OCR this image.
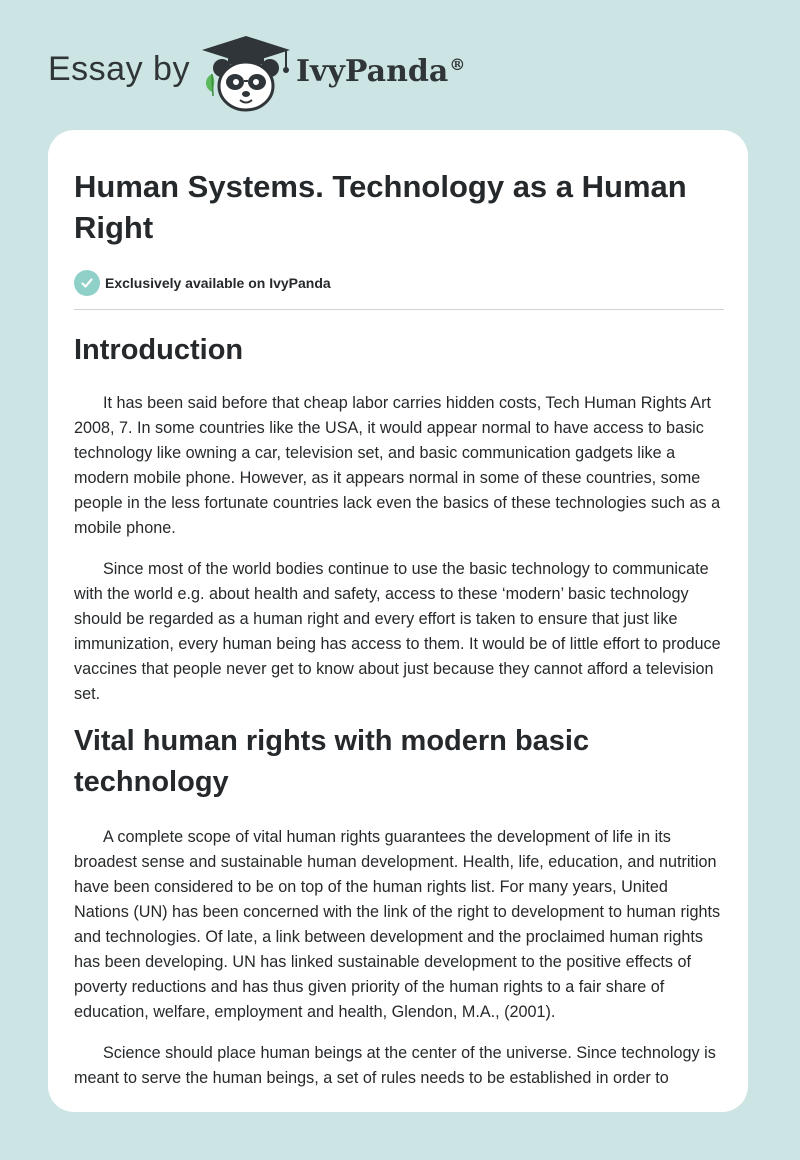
Essay by	IvyPanda®
Human Systems. Technology as a Human Right
Exclusively available on IvyPanda
Introduction

It has been said before that cheap labor carries hidden costs, Tech Human Rights Art 2008, 7. In some countries like the USA, it would appear normal to have access to basic technology like owning a car, television set, and basic communication gadgets like a modern mobile phone. However, as it appears normal in some of these countries, some people in the less fortunate countries lack even the basics of these technologies such as a mobile phone.

Since most of the world bodies continue to use the basic technology to communicate with the world e.g. about health and safety, access to these ‘modern’ basic technology should be regarded as a human right and every effort is taken to ensure that just like immunization, every human being has access to them. It would be of little effort to produce vaccines that people never get to know about just because they cannot afford a television set.

Vital human rights with modern basic technology

A complete scope of vital human rights guarantees the development of life in its broadest sense and sustainable human development. Health, life, education, and nutrition have been considered to be on top of the human rights list. For many years, United Nations (UN) has been concerned with the link of the right to development to human rights and technologies. Of late, a link between development and the proclaimed human rights has been developing. UN has linked sustainable development to the positive effects of poverty reductions and has thus given priority of the human rights to a fair share of education, welfare, employment and health, Glendon, M.A., (2001).

Science should place human beings at the center of the universe. Since technology is meant to serve the human beings, a set of rules needs to be established in order to
